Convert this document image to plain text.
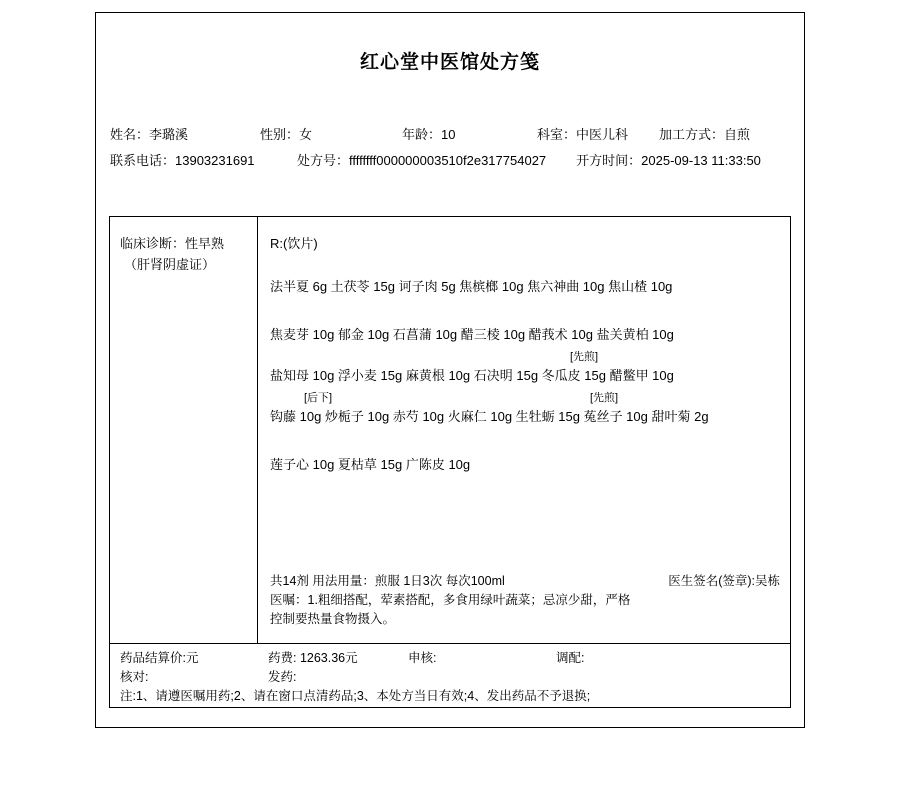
红心堂中医馆处方笺
姓名：李璐溪	性别：女	年龄：10	科室：中医儿科	加工方式：自煎
联系电话：13903231691	处方号：ffffffff000000003510f2e317754027 开方时间：2025-09-13 11:33:50
临床诊断：性早熟
（肝肾阴虚证）
R:(饮片)
法半夏 6g 土茯苓 15g 诃子肉 5g 焦槟榔 10g 焦六神曲 10g 焦山楂 10g
焦麦芽 10g 郁金 10g 石菖蒲 10g 醋三棱 10g 醋莪术 10g 盐关黄柏 10g
[先煎]
盐知母 10g 浮小麦 15g 麻黄根 10g 石决明 15g 冬瓜皮 15g 醋鳖甲 10g
[后下]	[先煎]
钩藤 10g 炒栀子 10g 赤芍 10g 火麻仁 10g 生牡蛎 15g 菟丝子 10g 甜叶菊 2g
莲子心 10g 夏枯草 15g 广陈皮 10g
共14剂 用法用量：煎服 1日3次 每次100ml	医生签名(签章):吴栋
医嘱：1.粗细搭配，荤素搭配，多食用绿叶蔬菜；忌凉少甜，严格
控制要热量食物摄入。
药品结算价:元	药费: 1263.36元	申核:	调配:
核对:	发药:
注:1、请遵医嘱用药;2、请在窗口点清药品;3、本处方当日有效;4、发出药品不予退换;
